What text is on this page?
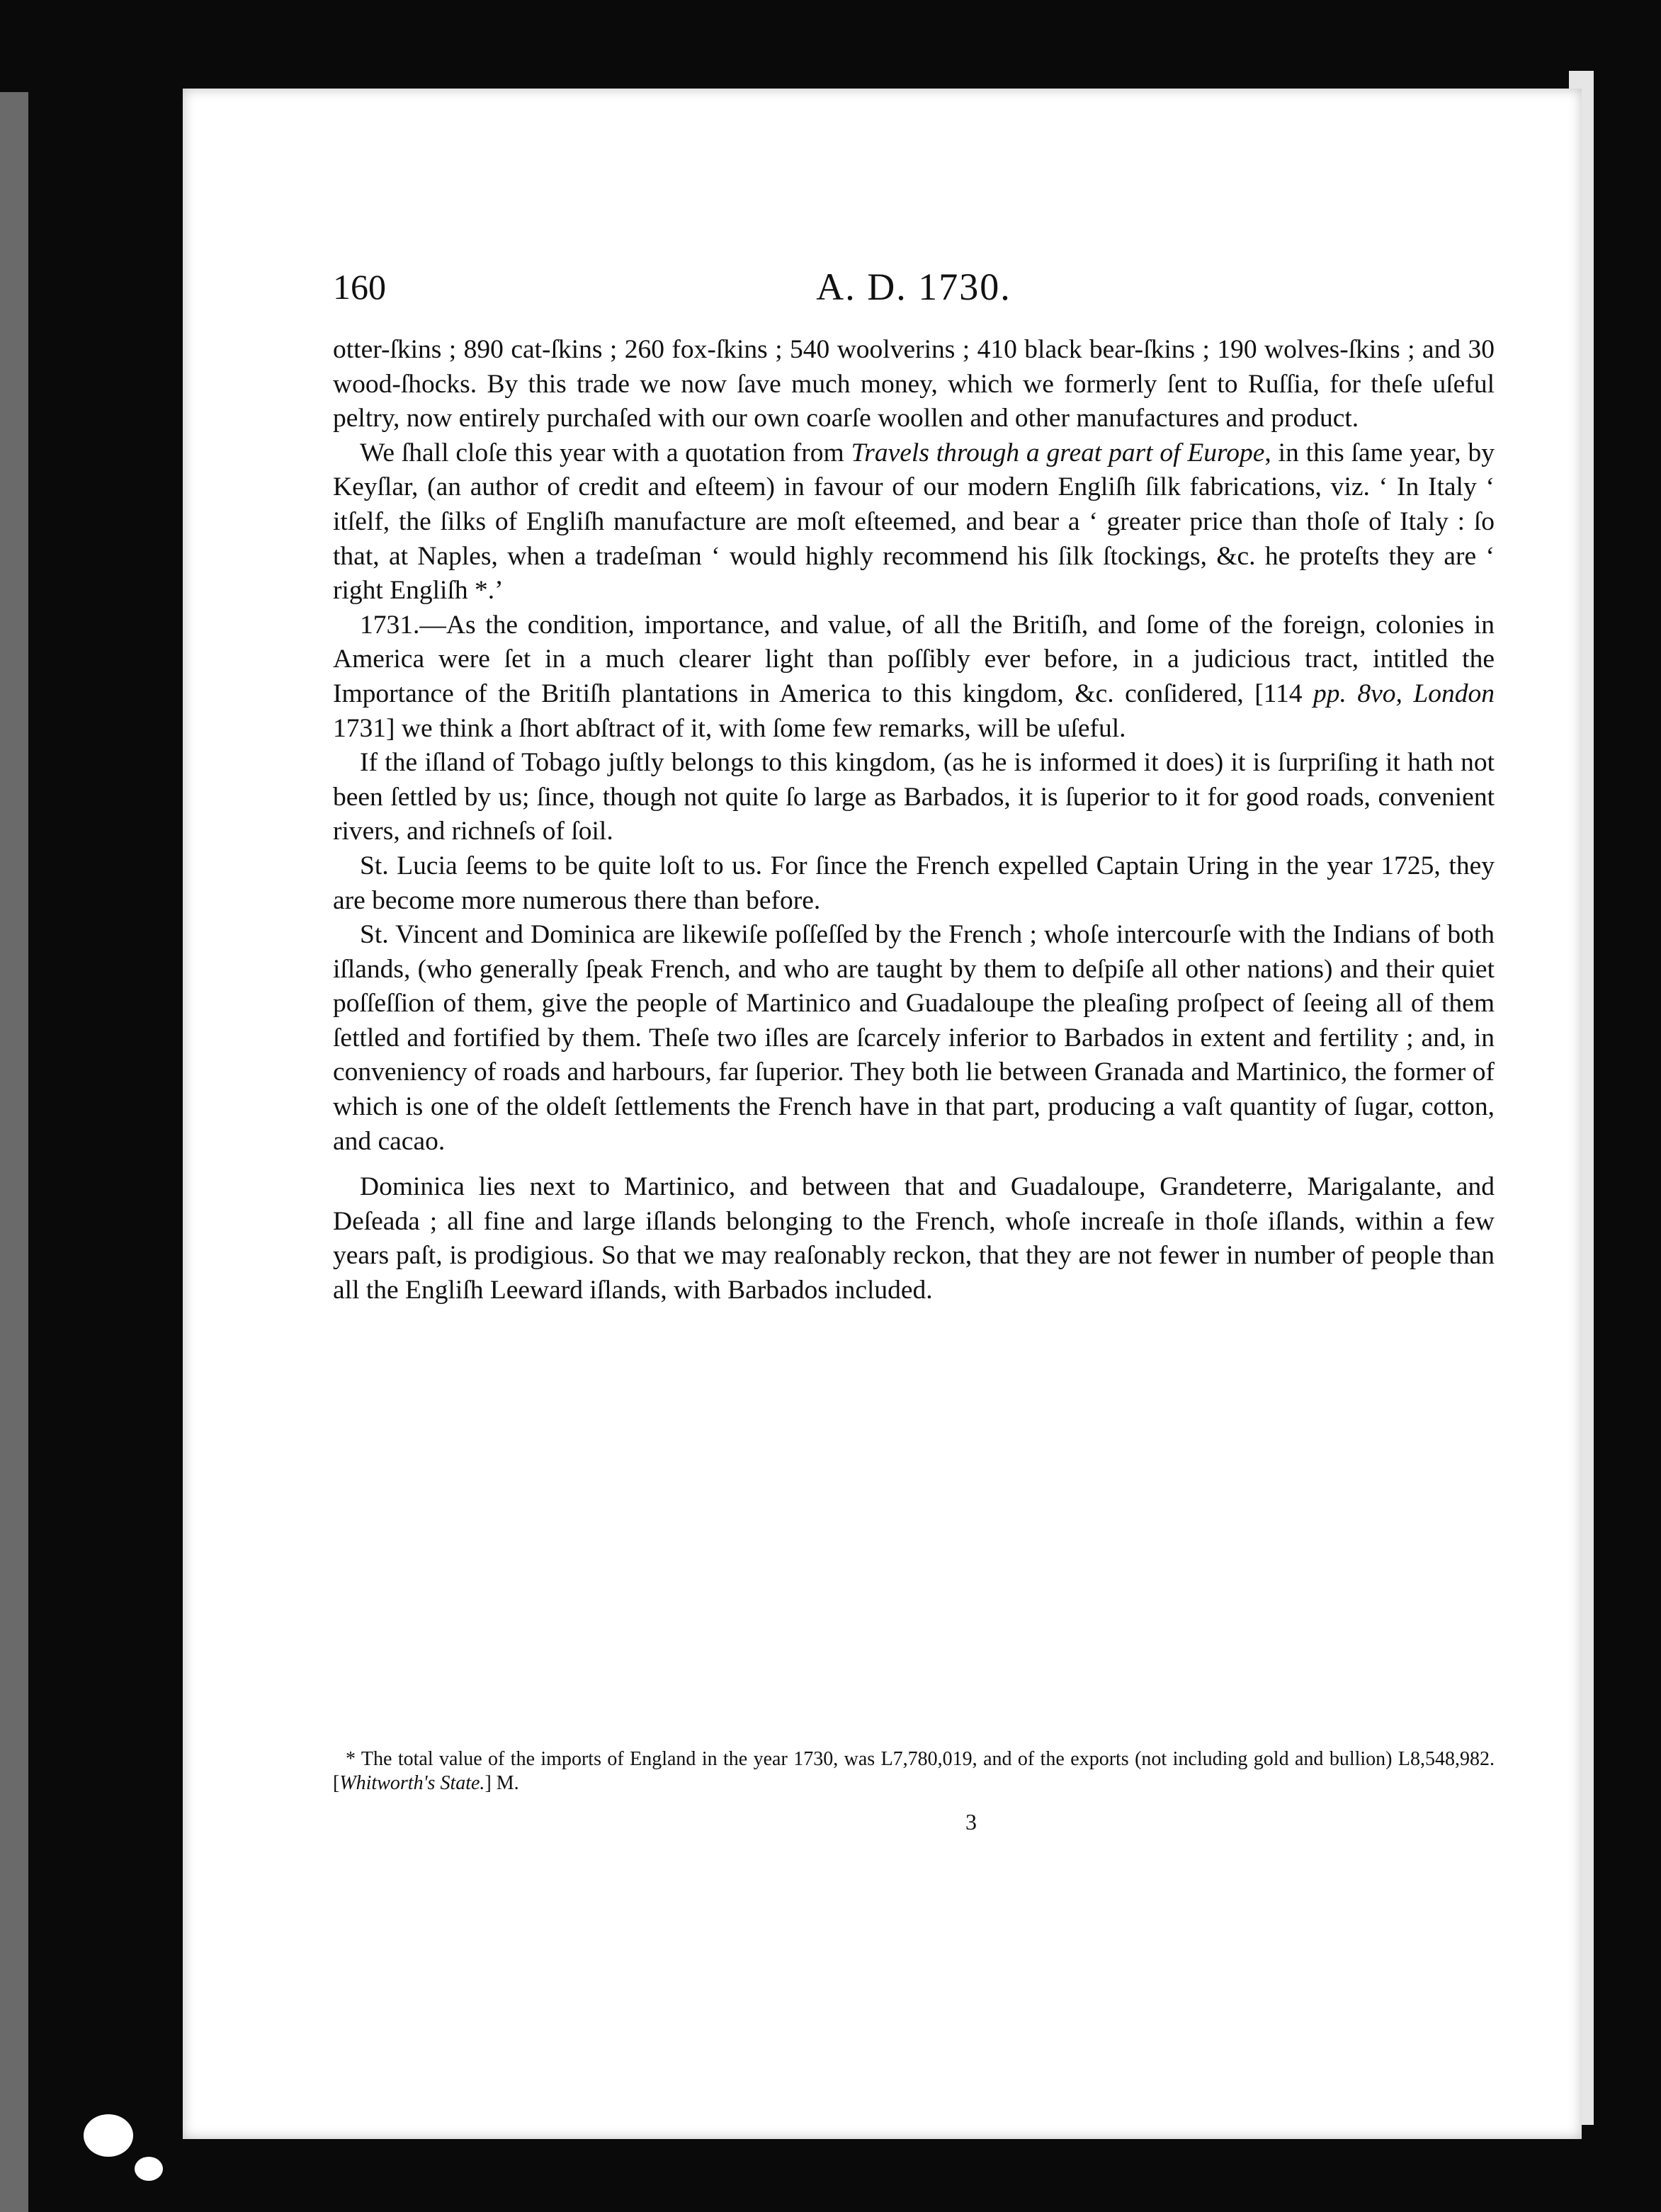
160	A. D. 1730.

otter-ſkins ; 890 cat-ſkins ; 260 fox-ſkins ; 540 woolverins ; 410 black bear-ſkins ; 190 wolves-ſkins ; and 30 wood-ſhocks. By this trade we now ſave much money, which we formerly ſent to Ruſſia, for theſe uſeful peltry, now entirely purchaſed with our own coarſe woollen and other manufactures and product.

We ſhall cloſe this year with a quotation from Travels through a great part of Europe, in this ſame year, by Keyſlar, (an author of credit and eſteem) in favour of our modern Engliſh ſilk fabrications, viz. ‘ In Italy ‘ itſelf, the ſilks of Engliſh manufacture are moſt eſteemed, and bear a ‘ greater price than thoſe of Italy : ſo that, at Naples, when a tradeſman ‘ would highly recommend his ſilk ſtockings, &c. he proteſts they are ‘ right Engliſh *.’

1731.—As the condition, importance, and value, of all the Britiſh, and ſome of the foreign, colonies in America were ſet in a much clearer light than poſſibly ever before, in a judicious tract, intitled the Importance of the Britiſh plantations in America to this kingdom, &c. conſidered, [114 pp. 8vo, London 1731] we think a ſhort abſtract of it, with ſome few remarks, will be uſeful.

If the iſland of Tobago juſtly belongs to this kingdom, (as he is informed it does) it is ſurpriſing it hath not been ſettled by us; ſince, though not quite ſo large as Barbados, it is ſuperior to it for good roads, convenient rivers, and richneſs of ſoil.

St. Lucia ſeems to be quite loſt to us. For ſince the French expelled Captain Uring in the year 1725, they are become more numerous there than before.

St. Vincent and Dominica are likewiſe poſſeſſed by the French ; whoſe intercourſe with the Indians of both iſlands, (who generally ſpeak French, and who are taught by them to deſpiſe all other nations) and their quiet poſſeſſion of them, give the people of Martinico and Guadaloupe the pleaſing proſpect of ſeeing all of them ſettled and fortified by them. Theſe two iſles are ſcarcely inferior to Barbados in extent and fertility ; and, in conveniency of roads and harbours, far ſuperior. They both lie between Granada and Martinico, the former of which is one of the oldeſt ſettlements the French have in that part, producing a vaſt quantity of ſugar, cotton, and cacao.

Dominica lies next to Martinico, and between that and Guadaloupe, Grandeterre, Marigalante, and Deſeada ; all fine and large iſlands belonging to the French, whoſe increaſe in thoſe iſlands, within a few years paſt, is prodigious. So that we may reaſonably reckon, that they are not fewer in number of people than all the Engliſh Leeward iſlands, with Barbados included.

* The total value of the imports of England in the year 1730, was L7,780,019, and of the exports (not including gold and bullion) L8,548,982. [Whitworth's State.] M.

3
